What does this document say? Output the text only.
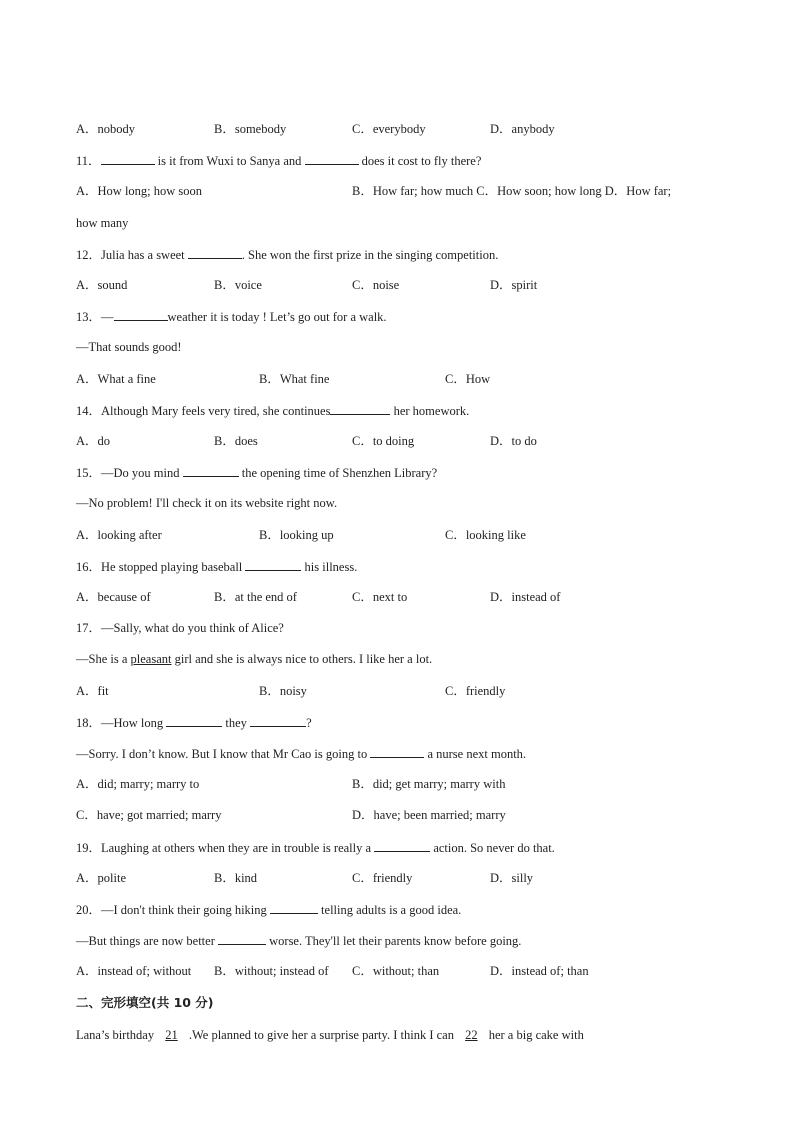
A．nobody	B．somebody	C．everybody	D．anybody
11．	is it from Wuxi to Sanya and	does it cost to fly there?
A．How long; how soon	B．How far; how much C．How soon; how long D．How far;
how many
12．Julia has a sweet	. She won the first prize in the singing competition.
A．sound	B．voice	C．noise	D．spirit
13．—	weather it is today ! Let’s go out for a walk.
—That sounds good!
A．What a fine	B．What fine	C．How
14．Although Mary feels very tired, she continues	her homework.
A．do	B．does	C．to doing	D．to do
15．—Do you mind	the opening time of Shenzhen Library?
—No problem! I'll check it on its website right now.
A．looking after	B．looking up	C．looking like
16．He stopped playing baseball	his illness.
A．because of	B．at the end of	C．next to	D．instead of
17．—Sally, what do you think of Alice?
—She is a pleasant girl and she is always nice to others. I like her a lot.
A．fit	B．noisy	C．friendly
18．—How long	they	?
—Sorry. I don’t know. But I know that Mr Cao is going to	a nurse next month.
A．did; marry; marry to	B．did; get marry; marry with
C．have; got married; marry	D．have; been married; marry
19．Laughing at others when they are in trouble is really a	action. So never do that.
A．polite	B．kind	C．friendly	D．silly
20．—I don't think their going hiking	telling adults is a good idea.
—But things are now better	worse. They'll let their parents know before going.
A．instead of; without B．without; instead of C．without; than	D．instead of; than
二、完形填空(共 10 分)
Lana’s birthday 21 .We planned to give her a surprise party. I think I can 22 her a big cake with
